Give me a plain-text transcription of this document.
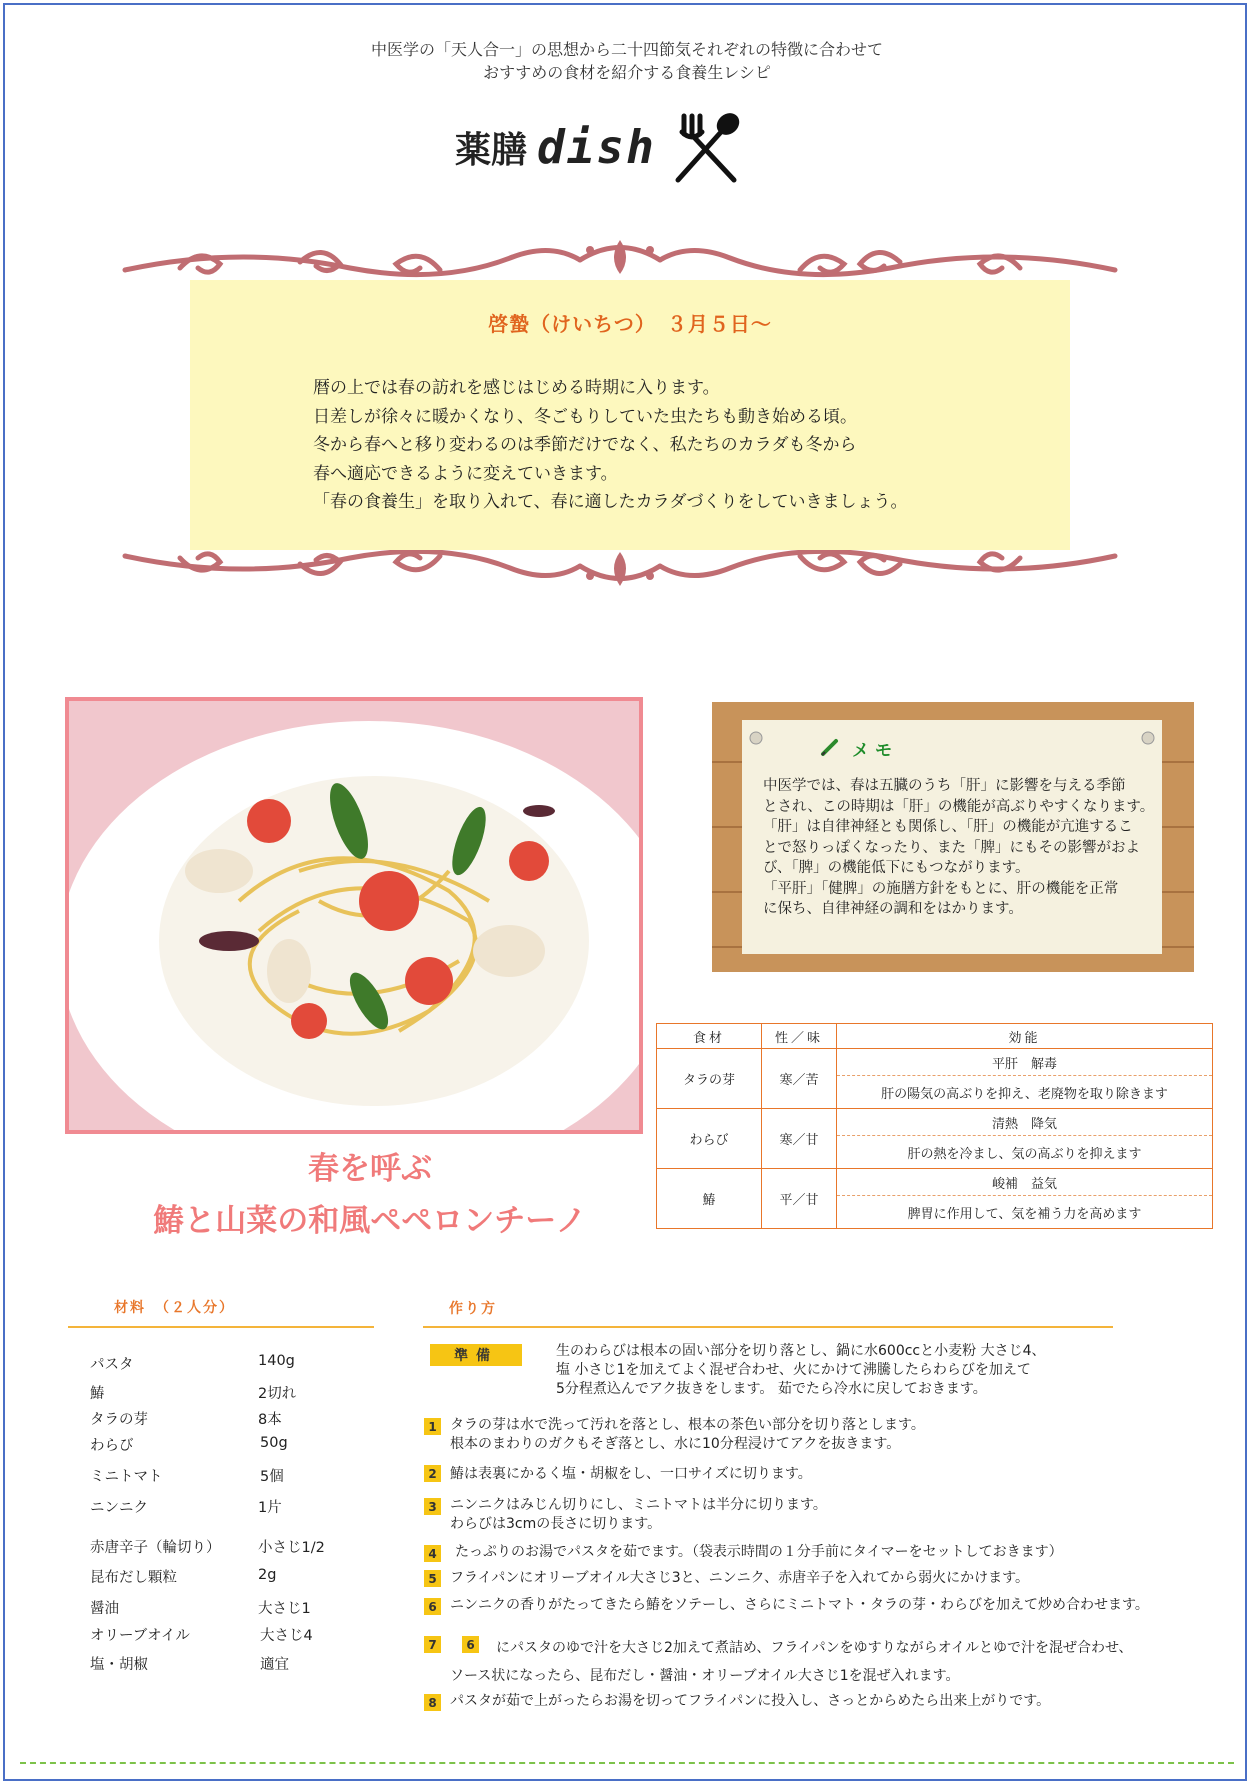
中医学の「天人合一」の思想から二十四節気それぞれの特徴に合わせて
おすすめの食材を紹介する食養生レシピ
薬膳 dish
啓蟄（けいちつ）　３月５日～
暦の上では春の訪れを感じはじめる時期に入ります。
日差しが徐々に暖かくなり、冬ごもりしていた虫たちも動き始める頃。
冬から春へと移り変わるのは季節だけでなく、私たちのカラダも冬から
春へ適応できるように変えていきます。
「春の食養生」を取り入れて、春に適したカラダづくりをしていきましょう。
春を呼ぶ
鰆と山菜の和風ペペロンチーノ
メモ
中医学では、春は五臓のうち「肝」に影響を与える季節
とされ、この時期は「肝」の機能が高ぶりやすくなります。
「肝」は自律神経とも関係し、「肝」の機能が亢進するこ
とで怒りっぽくなったり、また「脾」にもその影響がおよ
び、「脾」の機能低下にもつながります。
「平肝」「健脾」の施膳方針をもとに、肝の機能を正常
に保ち、自律神経の調和をはかります。
食材	性／味	効能
タラの芽	寒／苦	平肝　解毒
		肝の陽気の高ぶりを抑え、老廃物を取り除きます
わらび	寒／甘	清熱　降気
		肝の熱を冷まし、気の高ぶりを抑えます
鰆	平／甘	峻補　益気
		脾胃に作用して、気を補う力を高めます
材料　（２人分）
パスタ	140g
鰆	2切れ
タラの芽	8本
わらび	50g
ミニトマト	5個
ニンニク	1片
赤唐辛子（輪切り）	小さじ1/2
昆布だし顆粒	2g
醤油	大さじ1
オリーブオイル	大さじ4
塩・胡椒	適宜
作り方
準備	生のわらびは根本の固い部分を切り落とし、鍋に水600ccと小麦粉 大さじ4、
塩 小さじ1を加えてよく混ぜ合わせ、火にかけて沸騰したらわらびを加えて
5分程煮込んでアク抜きをします。 茹でたら冷水に戻しておきます。
1 タラの芽は水で洗って汚れを落とし、根本の茶色い部分を切り落とします。
根本のまわりのガクもそぎ落とし、水に10分程浸けてアクを抜きます。
2 鰆は表裏にかるく塩・胡椒をし、一口サイズに切ります。
3 ニンニクはみじん切りにし、ミニトマトは半分に切ります。
わらびは3cmの長さに切ります。
4	たっぷりのお湯でパスタを茹でます。（袋表示時間の１分手前にタイマーをセットしておきます）
5 フライパンにオリーブオイル大さじ3と、ニンニク、赤唐辛子を入れてから弱火にかけます。
6 ニンニクの香りがたってきたら鰆をソテーし、さらにミニトマト・タラの芽・わらびを加えて炒め合わせます。
7	6	にパスタのゆで汁を大さじ2加えて煮詰め、フライパンをゆすりながらオイルとゆで汁を混ぜ合わせ、
ソース状になったら、昆布だし・醤油・オリーブオイル大さじ1を混ぜ入れます。
8 パスタが茹で上がったらお湯を切ってフライパンに投入し、さっとからめたら出来上がりです。
